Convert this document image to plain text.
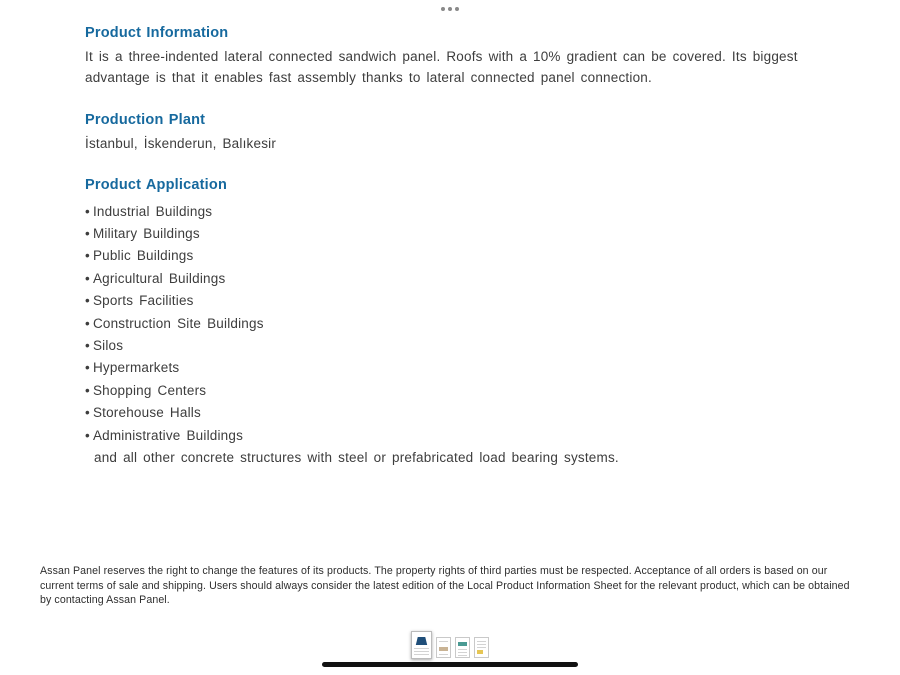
Product Information

It is a three-indented lateral connected sandwich panel. Roofs with a 10% gradient can be covered. Its biggest advantage is that it enables fast assembly thanks to lateral connected panel connection.

Production Plant

İstanbul, İskenderun, Balıkesir

Product Application
• Industrial Buildings
• Military Buildings
• Public Buildings
• Agricultural Buildings
• Sports Facilities
• Construction Site Buildings
• Silos
• Hypermarkets
• Shopping Centers
• Storehouse Halls
• Administrative Buildings

and all other concrete structures with steel or prefabricated load bearing systems.

Assan Panel reserves the right to change the features of its products. The property rights of third parties must be respected. Acceptance of all orders is based on our current terms of sale and shipping. Users should always consider the latest edition of the Local Product Information Sheet for the relevant product, which can be obtained by contacting Assan Panel.
